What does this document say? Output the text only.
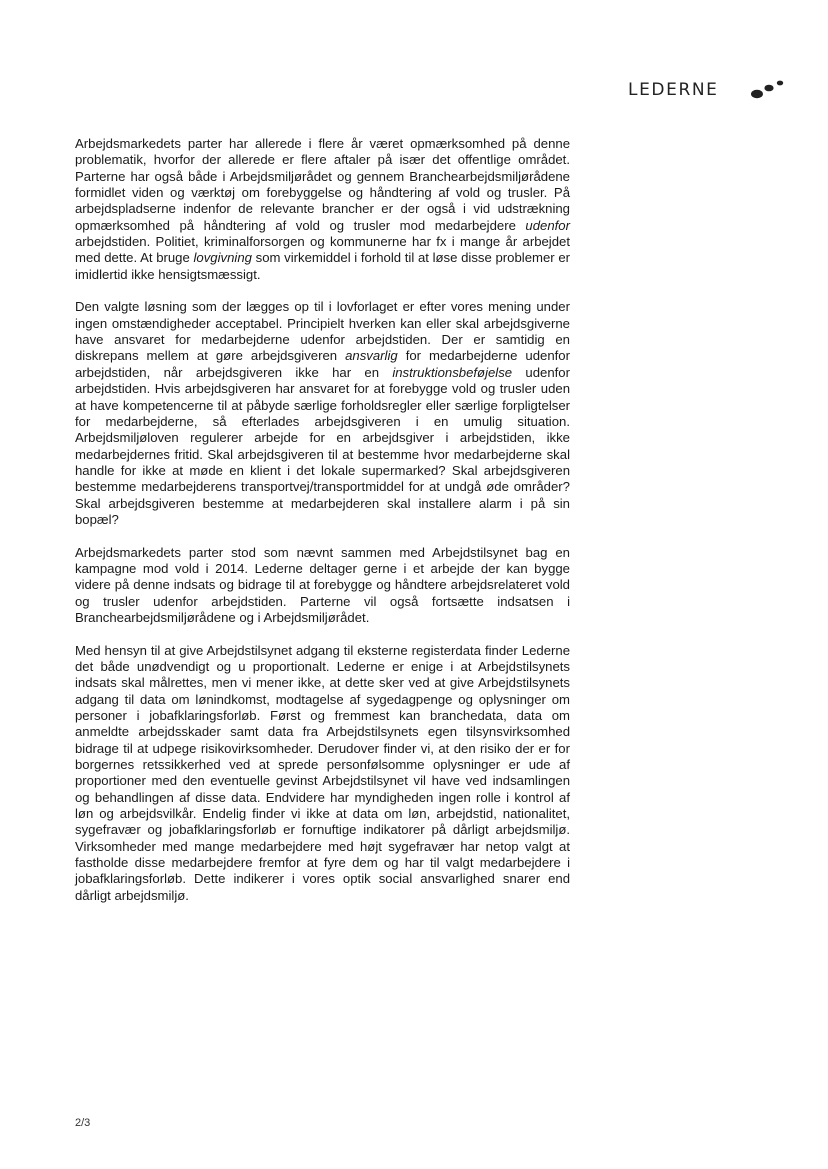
LEDERNE

Arbejdsmarkedets parter har allerede i flere år været opmærksomhed på denne problematik, hvorfor der allerede er flere aftaler på især det offentlige området. Parterne har også både i Arbejdsmiljørådet og gennem Branchearbejdsmiljørådene formidlet viden og værktøj om forebyggelse og håndtering af vold og trusler. På arbejdspladserne indenfor de relevante brancher er der også i vid udstrækning opmærksomhed på håndtering af vold og trusler mod medarbejdere udenfor arbejdstiden. Politiet, kriminalforsorgen og kommunerne har fx i mange år arbejdet med dette. At bruge lovgivning som virkemiddel i forhold til at løse disse problemer er imidlertid ikke hensigtsmæssigt.

Den valgte løsning som der lægges op til i lovforlaget er efter vores mening under ingen omstændigheder acceptabel. Principielt hverken kan eller skal arbejdsgiverne have ansvaret for medarbejderne udenfor arbejdstiden. Der er samtidig en diskrepans mellem at gøre arbejdsgiveren ansvarlig for medarbejderne udenfor arbejdstiden, når arbejdsgiveren ikke har en instruktionsbeføjelse udenfor arbejdstiden. Hvis arbejdsgiveren har ansvaret for at forebygge vold og trusler uden at have kompetencerne til at påbyde særlige forholdsregler eller særlige forpligtelser for medarbejderne, så efterlades arbejdsgiveren i en umulig situation. Arbejdsmiljøloven regulerer arbejde for en arbejdsgiver i arbejdstiden, ikke medarbejdernes fritid. Skal arbejdsgiveren til at bestemme hvor medarbejderne skal handle for ikke at møde en klient i det lokale supermarked? Skal arbejdsgiveren bestemme medarbejderens transportvej/transportmiddel for at undgå øde områder? Skal arbejdsgiveren bestemme at medarbejderen skal installere alarm i på sin bopæl?

Arbejdsmarkedets parter stod som nævnt sammen med Arbejdstilsynet bag en kampagne mod vold i 2014. Lederne deltager gerne i et arbejde der kan bygge videre på denne indsats og bidrage til at forebygge og håndtere arbejdsrelateret vold og trusler udenfor arbejdstiden. Parterne vil også fortsætte indsatsen i Branchearbejdsmiljørådene og i Arbejdsmiljørådet.

Med hensyn til at give Arbejdstilsynet adgang til eksterne registerdata finder Lederne det både unødvendigt og u proportionalt. Lederne er enige i at Arbejdstilsynets indsats skal målrettes, men vi mener ikke, at dette sker ved at give Arbejdstilsynets adgang til data om lønindkomst, modtagelse af sygedagpenge og oplysninger om personer i jobafklaringsforløb. Først og fremmest kan branchedata, data om anmeldte arbejdsskader samt data fra Arbejdstilsynets egen tilsynsvirksomhed bidrage til at udpege risikovirksomheder. Derudover finder vi, at den risiko der er for borgernes retssikkerhed ved at sprede personfølsomme oplysninger er ude af proportioner med den eventuelle gevinst Arbejdstilsynet vil have ved indsamlingen og behandlingen af disse data. Endvidere har myndigheden ingen rolle i kontrol af løn og arbejdsvilkår. Endelig finder vi ikke at data om løn, arbejdstid, nationalitet, sygefravær og jobafklaringsforløb er fornuftige indikatorer på dårligt arbejdsmiljø. Virksomheder med mange medarbejdere med højt sygefravær har netop valgt at fastholde disse medarbejdere fremfor at fyre dem og har til valgt medarbejdere i jobafklaringsforløb. Dette indikerer i vores optik social ansvarlighed snarer end dårligt arbejdsmiljø.

2/3
